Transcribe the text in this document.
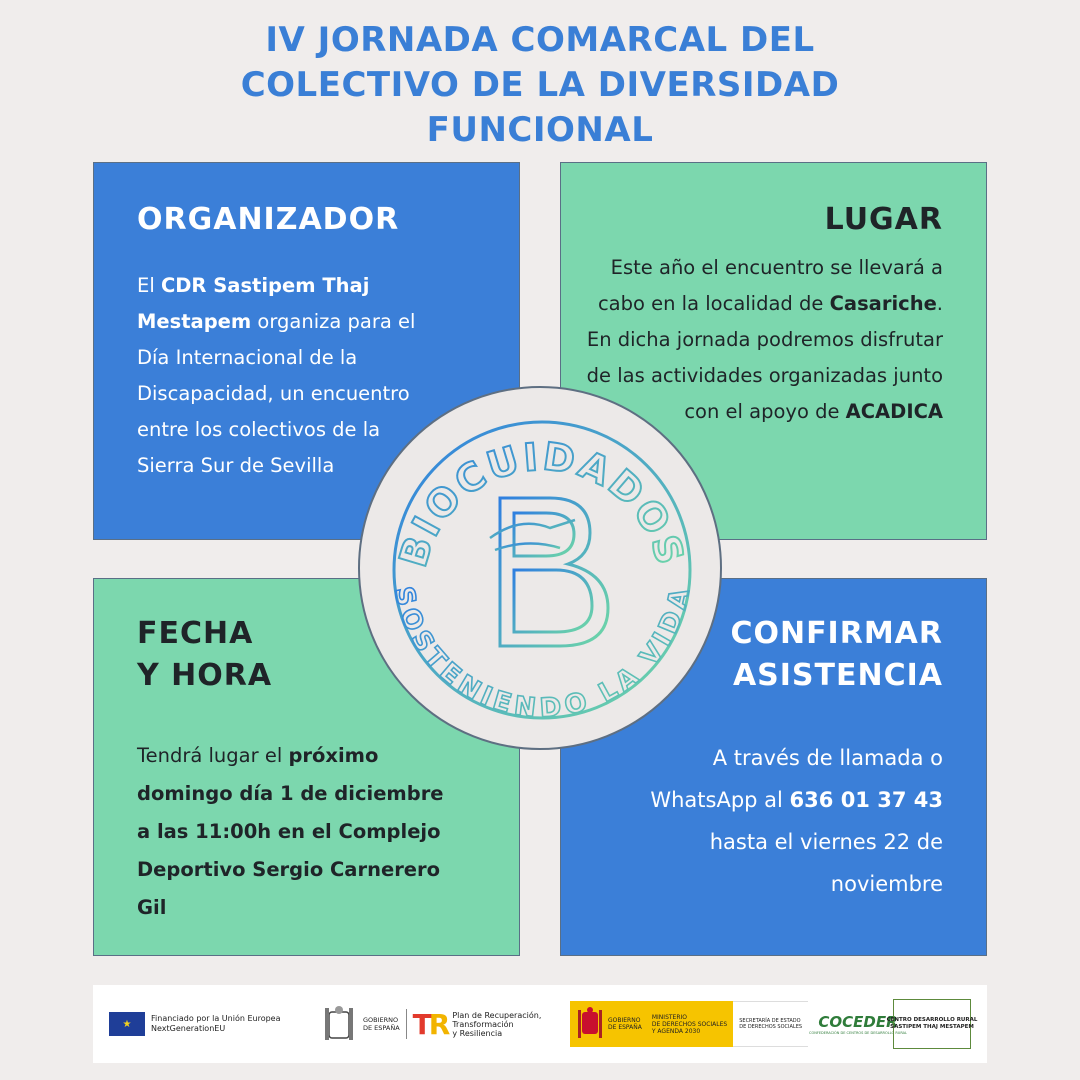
IV JORNADA COMARCAL DEL
COLECTIVO DE LA DIVERSIDAD
FUNCIONAL
ORGANIZADOR
El CDR Sastipem Thaj Mestapem organiza para el Día Internacional de la Discapacidad, un encuentro entre los colectivos de la Sierra Sur de Sevilla
LUGAR
Este año el encuentro se llevará a cabo en la localidad de Casariche. En dicha jornada podremos disfrutar de las actividades organizadas junto con el apoyo de ACADICA
FECHA
Y HORA
Tendrá lugar el próximo domingo día 1 de diciembre a las 11:00h en el Complejo Deportivo Sergio Carnerero Gil
CONFIRMAR
ASISTENCIA
A través de llamada o WhatsApp al 636 01 37 43 hasta el viernes 22 de noviembre
BIOCUIDADOS
SOSTENIENDO LA VIDA
★	Financiado por la Unión Europea
NextGenerationEU
GOBIERNO
DE ESPAÑA TR Plan de Recuperación,
Transformación
y Resiliencia
GOBIERNO
DE ESPAÑA
MINISTERIO
DE DERECHOS SOCIALES
Y AGENDA 2030
SECRETARÍA DE ESTADO
DE DERECHOS SOCIALES COCEDER
CONFEDERACIÓN DE CENTROS DE DESARROLLO RURAL
CENTRO DESARROLLO RURAL
SASTIPEM THAJ MESTAPEM
